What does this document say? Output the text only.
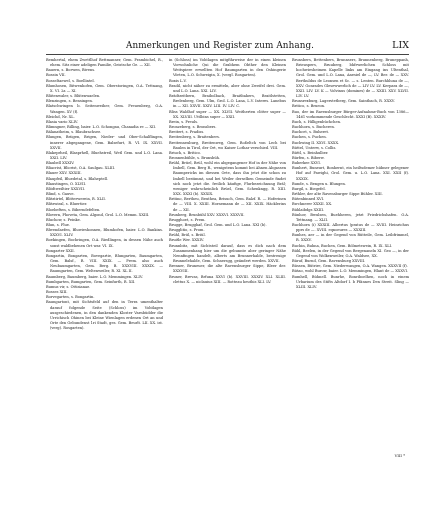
Anmerkungen und Register zum Anhang.	LIX

Bemhertal, ehem Zwettlhof Bettmanner, Gem. Prambichel, R., ehem. Sitz einer adeligen Familie, Geistsche Ge. — XII.

Bauern, s. Borwen, Bivens.

Bossin VII.

Bosseltaewel, s. Boellintel.

Blumhosen, Bitwenhofen, Gem. Oberstoringen, O.A. Tettnang, X. VI. 2a — XI.

Blütenwaler, s. Blütenwaelen.

Blenzingen, s. Bensingen.

Blatschwingen b. Seitenweiher, Gem. Freuenberg, O.A. Wangen. XV (f).

Bleichd, Nr. XL.

Blasia vario XLIV.

Blimngner, Rilling, baier. L.O. Schongau, Chanadia re — XII.

Bälanatheim, s. Blaubrachsee.

Blungen, Briigen, Brigen, Nieder- und Ober-Schalflingen, innerer abgegangene, Gem. Balsefurt, R. VI. IX. XXVII. XXVII.

Blakeprheil, Blasprhell, Bluehstreil, Wetl Gem. und L.O. Lana. XXII. LIV.

Blaubell XXXIV.

Bliacrist, Blicrist, O.A. Saulgau. XLIII.

Blauer XXV. XXXIII.

Blaupfeil, Bluedetal, s. Blaheptell.

Blaustingen, O. XLVII.

Blödtweiltier XXXVII.

Blind, s. Gauve.

Blitztirtel, Blitterwerein, R. XLII.

Blitzwiral, s. Bluertier.

Bloebeften, s. Biberndefelten.

Blovern, Phoveta, Gem. Algond, Grol. L.O. Memm. XXIII.

Bluchow, s. Peinke.

Blun, s. Flue.

Blwendaefen, Bluwieshonnen, Blumhofen, baier. L.O. Bankins. XXXVI. XLIV.

Boekingen, Bochringen, O.A. Riedlingen, in dessen Nähe auch sonst waldbehenen Ort war. VI. IX.

Bongarter XXII.

Bongartin, Bongarten, Bovegartie, Blungarten, Baumgarten, Gem. Balsf., R. VIII. XXIX. — Prem. also auch Neubaumgarten, Gem. Berg. B. XXXVIII. XXXIX. — Baumgarten, Gem. Weltenweiler, R. XI. XL II.

Baumberg, Baumberg, baier. L.O. Memmingen. XLIV.

Bumbgarten, Bumgarten, Gem. Seinfurth, R. XII.

Bumus vir, s. Ottisianae.

Bosses XIII.

Borvegarten, s. Bongartin.

Baungartont, mit Sichtsfeld auf den in Terra umenthalter darauf folgende Seite (Schloss) im Vohtlagen ausgeschiedenen, in den dankenden Kloster Varnbüdder die Urrichisch Ohinen bei Kleine Wienlagen erdenen Ort an und Orte den Gebundenst 1ri Stadt, ges. Gem. Beurlt. LII. XX. ist. (verg). Rosgarten).

in (Schloss) im Vohtlagen mitgfihrweise der in einen kleinen Vorwohnliche Qui die Grabhem Obther den Kleinen Weitspiere erwellten Hof Baumgarten in den Oshingerie Vörten, L.O. Schweigin, X. (vergl. Rosgarten).

Boxis L.V.

Bradil, nicht näher zu ermitteln, aber ohne Zweifel drei. Gem. und L.O. Lana. XXI. LIV.

Brädtzeitbern, Braibolbach, Braitbahers, Braitlstetten, Brelenberg, Gem. Ulm, Grol. L.O. Lana, L.V. Interes. Lanebus in — XII. XXVII. XXIV. LIII. IV. LIV. C.

Bliss Waldhof super — XX. XLVII. Weitherten clitter super — XX. XLVIII. Uttlbins super — XXII.

Brein, s. Preuls.

Bronzeberg, s. Bronsbers.

Breitert, s. Pradiss.

Breitenberg, s. Braitenbers.

Breitenneuburg, Breitenweg, Gem. Roßeltch von Lech bei Baulen in Tirol, der Ort, wo Kaiser Lothar verschied. VIII.

Briuch, s. Britico.

Bronnenbühle, s. Brunsbüh.

Brühl, Brüel, Brül, wohl ein abgegangener Hof in der Nähe von Imbell, Gem. Berg R., wenigstens kommt bei Ahnen Abgassen Baumpericks im diessen Orte, dass ihn jetzt die schon zu Imbell bestimmt, und bei Weiler derselben Gemeinde findet sich noch jetzt die. freilich käufige, Flurbezeichnung Bräl; weniger wahrscheinlich Brüel, Gem. Schenkngg, R. XIII. XXX. XXXI (b). XXXIX.

Britino, Bertheu, Beuthea, Brisuch, Gem. Balzf. R. — Hoferinen de — VIII. X. XXIII. Hornemann de — XII. XXIX. Häcklerins de — XII.

Brunberg, Brunbühl XXV. XXXVI. XXXVII.

Brugghoet, s. Prem.

Brugge, Brugghaf, Grol. Gem. und L.O. Lana. XXI (b).

Brugglitio, s. Prom.

Brühl, Brül, s. Briül.

Bruitle Wer. XXXIV.

Brunnbitz, mit Sichtsteil darauf, dass es dich nach dem Zusammenhang hier um die gebunnte aber geringer Nähe Nennfingen handelt, alberts am Brunnerhalde, bestreuige Brunnelehalde, Gem. Schnersgg, geändert werden. XXVII.

Brenner, Bruneuer, die alte Ravensburger Sippe, Bleer der. XXXVIII.

Bruner, Brevas, Brfuna XXVI (b). XXVIII. XXXIV. XLI. XLIII. clettus X. — niclauius XIII. — Rotteau heuthis XLI. LV.

Brunsbers, Bettenbers, Brunnsers, Brunnenberg, Bruneppanh, Brieuspers, Bruuberg, bhfrwerlichen Schloss mit hochwiesheimen Kapelle links am Eingang ins Ultenthal, Grol. Gem. und L.O. Lana, Anesiel de —, LV. Ber. de — XXV. Berthuldus de Leonsen et Sc. — s. Lenten. Burchhluna de —, XXV. Gonrades Glesewwerlich de — LIV LV. LV. Kerpara de —, XXII. LIV. LV. K — Volvinus (domines) de — XXIII. XXV. XLVII. LIV. LV.

Brunsrexburg, Lagerstetberg, Gem. Saintbach, R. XXXV.

Britico, s. Brueon.

Buo, der im Ravensburger Bürger-Aufnahme-Buch von 1386—1461 vorkommende Geschlecht. XXXI (B). XXXIV.

Buch, s. Hilligenbüchchen.

Buchhorn, s. Bucheren.

Buchcet, s. Buheret.

Buchen, s. Puchen.

Buchwing II. XXVI. XXXX.

Büttel, Unterw, s. Collis.

Büttl, s. Beinhulber.

Bürfen, s. Biberw.

Buberkee XXVI.

Bunhert, Buneurt, Bonhernt, ein heiltsdemer hübner gelegener Hof auf Pawighi, Grol. Gem. u. L.O. Lana. XXI. XXII (f). XXXIX.

Bunde, s. Bengen u. Blungen.

Burgil, s. Biegefel.

Brthler, der alte Ravensburger Sippe Bühler. XIII.

Bütenbinned XVI.

Bwchnerer XXXII. XX.

Bühlaibdgs XXIII.

Bünhov, Bwulsen, Buehheren, jetzt Friedrichshafen. O.A. Tettnang. — XLII.

Buchhorn (i) XXXIII. Albertus (pratus de — XVIII. Heinrichus pprs de —. XVIII. eqnoeures — XXXIII.

Bunhes, aer — in der Gegend von Rütteile, Gem. Leibfrimmel, R. XXXV.

Buchin, Buhna, Buchen, Gem. Bölmetswein, R. IX. XLI.

Bühl, Beelen, in der Gegend von Bergenaneln XI. Geo —, in der Gegend von Wolkenweiler, O.A. Waldsee, XX.

Büruf, Burnd, Gem. Ravensbueg XXVIII.

Büssen, Bütrire, Gem. Niederwangen, O.A. Wangen. XXXVII (f).

Bütao, wohl Burow, baier. L.O. Memmingen, Hlant de — XXXVI.

Bumhell, Bühnell. Bunrhe, Bonriboelhen, noch in einem Urbarium des Stifts Altdorf I. b Pfännes Den Streit. Sling — XLIII. XLIV.

VIII *
